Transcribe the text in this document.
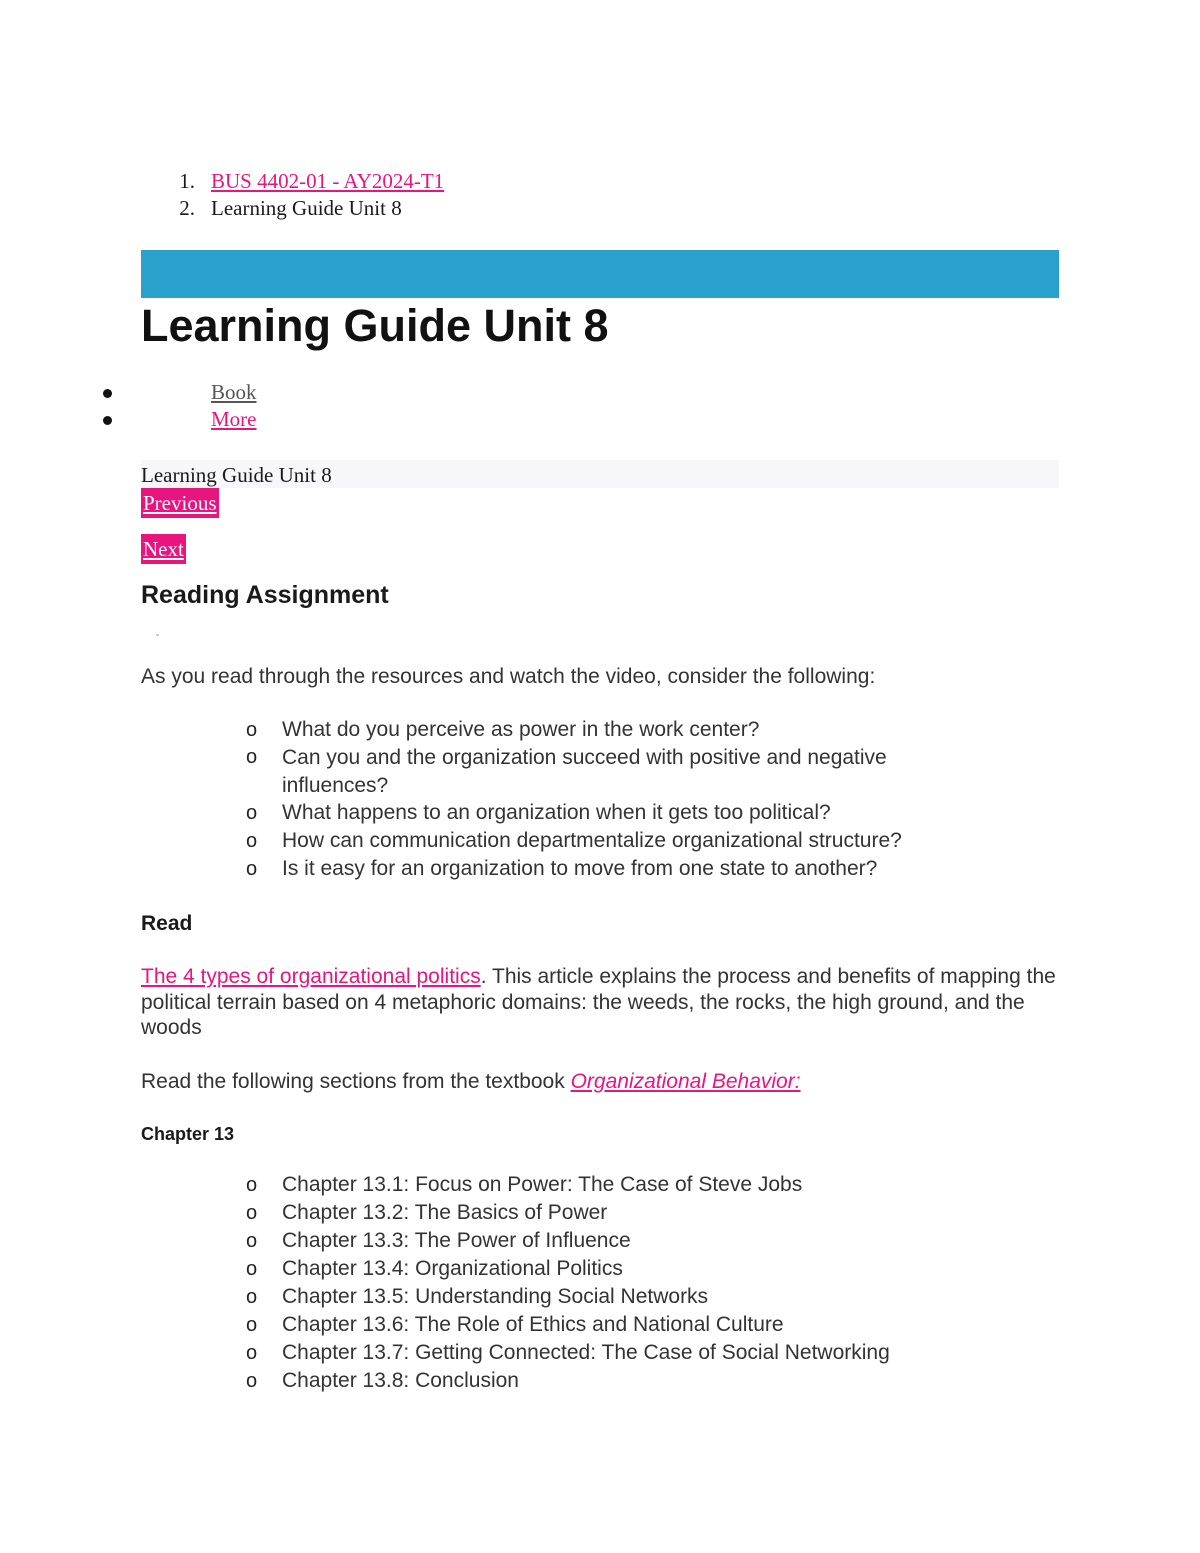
1. BUS 4402-01 - AY2024-T1
2. Learning Guide Unit 8
Learning Guide Unit 8
Book
More
Learning Guide Unit 8
Previous
Next
Reading Assignment
As you read through the resources and watch the video, consider the following:
o What do you perceive as power in the work center?
o Can you and the organization succeed with positive and negative influences?
o What happens to an organization when it gets too political?
o How can communication departmentalize organizational structure?
o Is it easy for an organization to move from one state to another?
Read
The 4 types of organizational politics. This article explains the process and benefits of mapping the political terrain based on 4 metaphoric domains: the weeds, the rocks, the high ground, and the woods
Read the following sections from the textbook Organizational Behavior:
Chapter 13
o Chapter 13.1: Focus on Power: The Case of Steve Jobs
o Chapter 13.2: The Basics of Power
o Chapter 13.3: The Power of Influence
o Chapter 13.4: Organizational Politics
o Chapter 13.5: Understanding Social Networks
o Chapter 13.6: The Role of Ethics and National Culture
o Chapter 13.7: Getting Connected: The Case of Social Networking
o Chapter 13.8: Conclusion
